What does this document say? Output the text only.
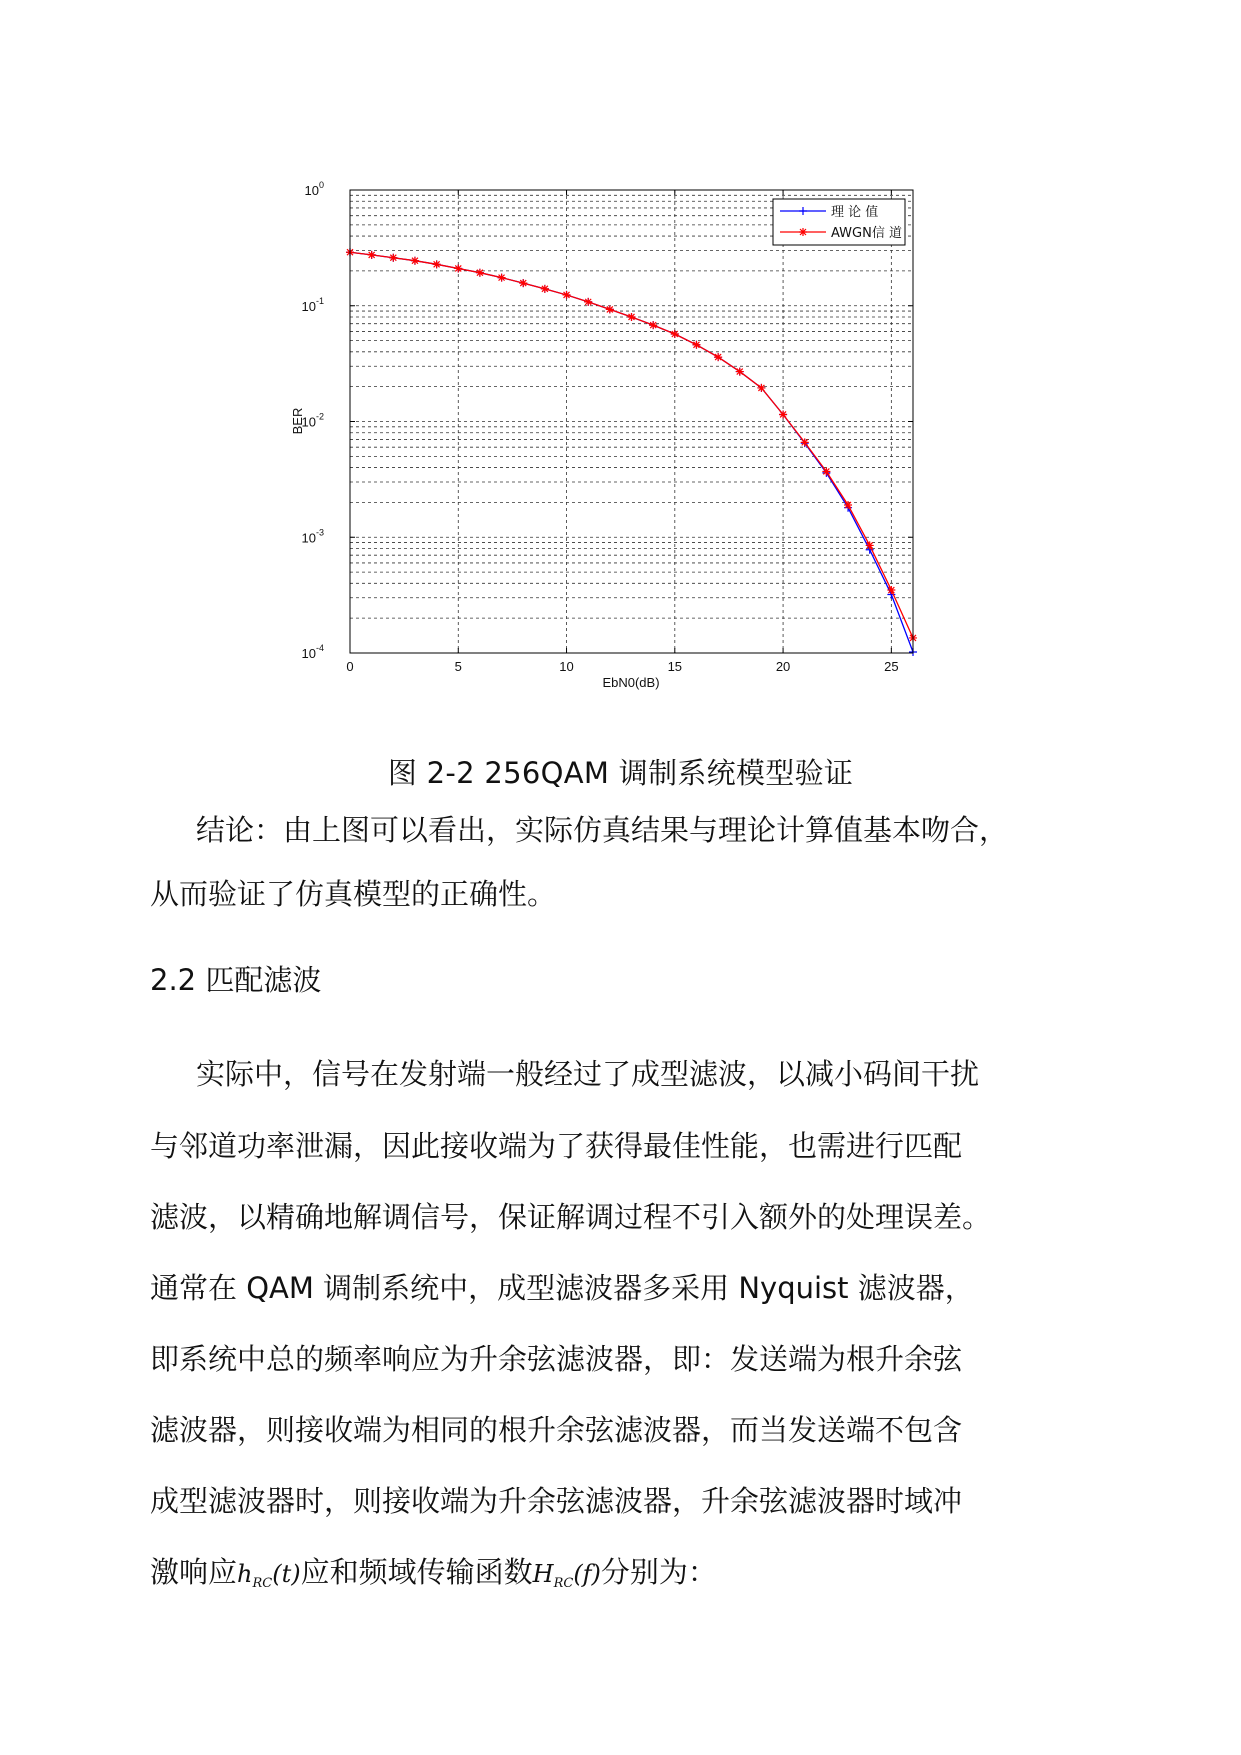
0	5	10	15	20	25
$10^0$
$10^{-1}$
$10^{-2}$
$10^{-3}$
$10^{-4}$
EbN0(dB)
BER
理 论 值
AWGN信 道
图 2-2 256QAM 调制系统模型验证
结论：由上图可以看出，实际仿真结果与理论计算值基本吻合，
从而验证了仿真模型的正确性。
2.2 匹配滤波
实际中，信号在发射端一般经过了成型滤波，以减小码间干扰
与邻道功率泄漏，因此接收端为了获得最佳性能，也需进行匹配
滤波，以精确地解调信号，保证解调过程不引入额外的处理误差。
通常在 QAM 调制系统中，成型滤波器多采用 Nyquist 滤波器，
即系统中总的频率响应为升余弦滤波器，即：发送端为根升余弦
滤波器，则接收端为相同的根升余弦滤波器，而当发送端不包含
成型滤波器时，则接收端为升余弦滤波器，升余弦滤波器时域冲
激响应$h_{RC}(t)$应和频域传输函数$H_{RC}(f)$分别为：
